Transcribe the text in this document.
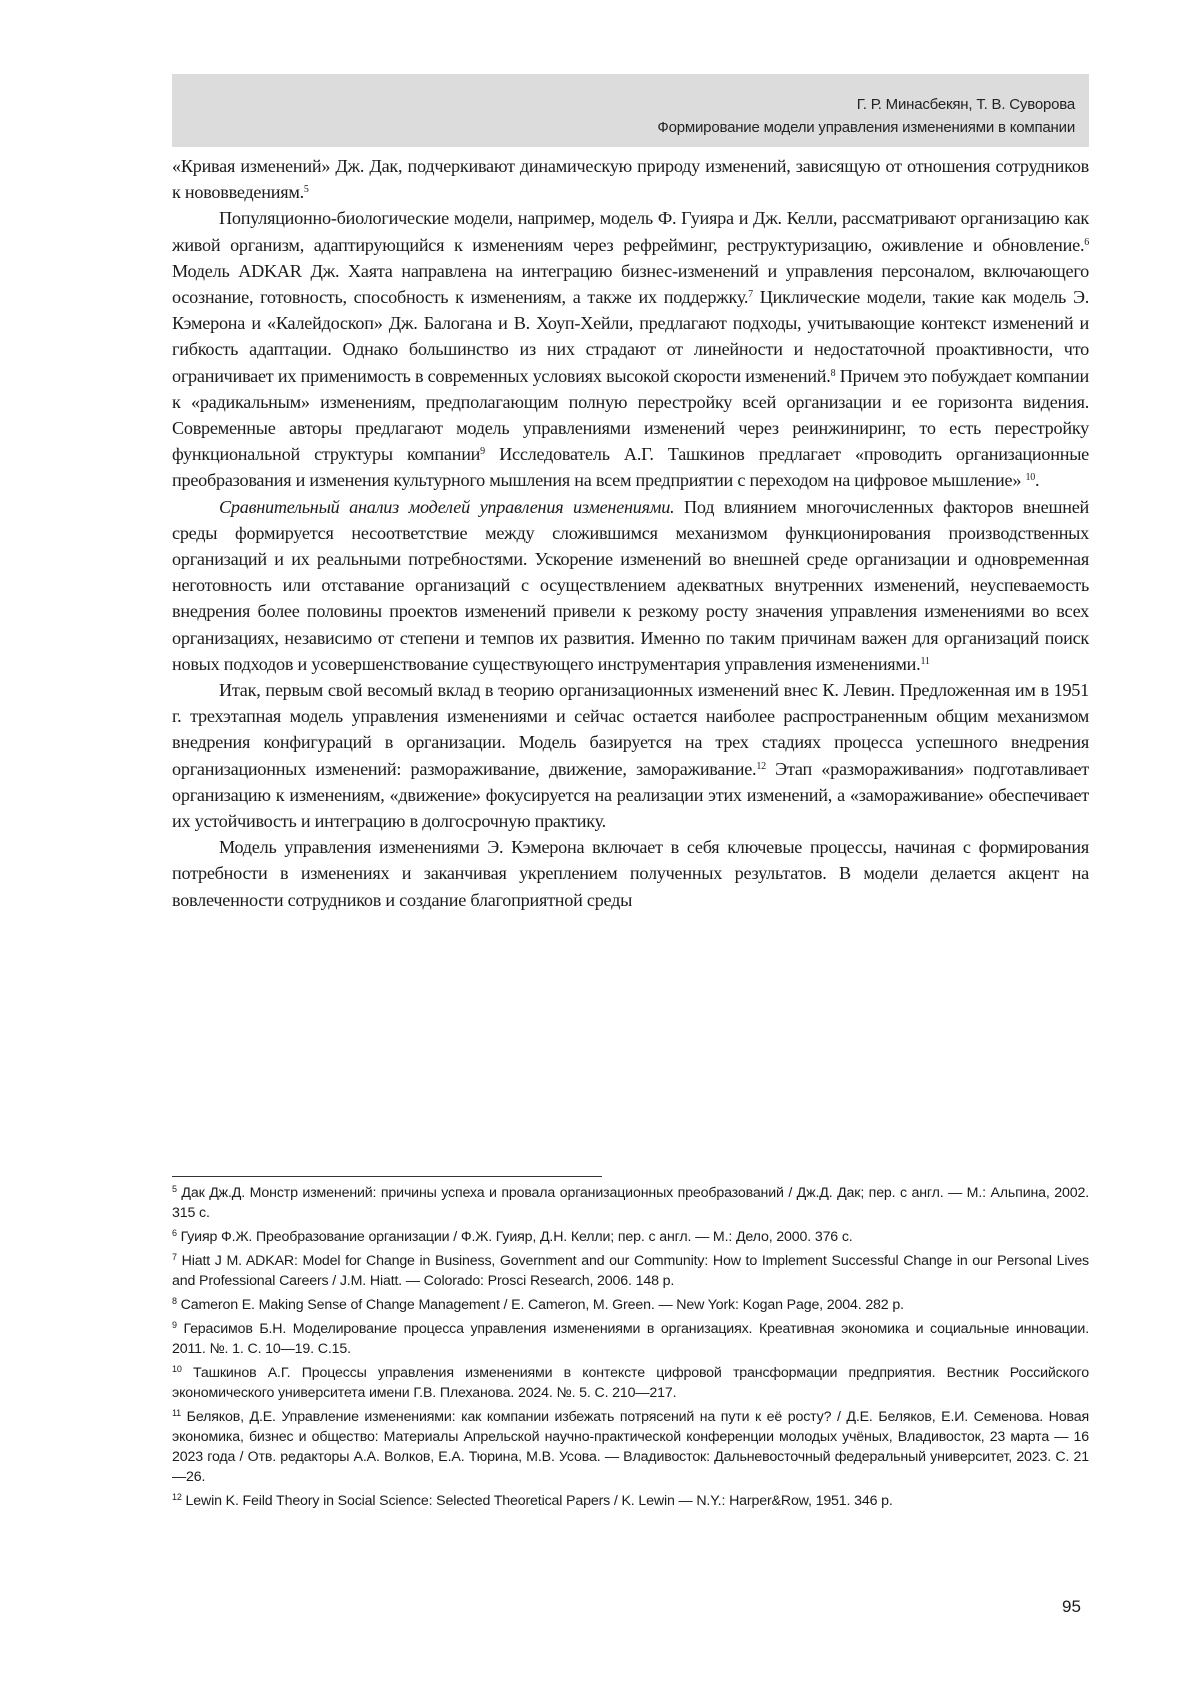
Г. Р. Минасбекян, Т. В. Суворова
Формирование модели управления изменениями в компании

«Кривая изменений» Дж. Дак, подчеркивают динамическую природу изменений, зависящую от отношения сотрудников к нововведениям.5

Популяционно-биологические модели, например, модель Ф. Гуияра и Дж. Келли, рассматривают организацию как живой организм, адаптирующийся к изменениям через рефрейминг, реструктуризацию, оживление и обновление.6 Модель ADKAR Дж. Хаята направлена на интеграцию бизнес-изменений и управления персоналом, включающего осознание, готовность, способность к изменениям, а также их поддержку.7 Циклические модели, такие как модель Э. Кэмерона и «Калейдоскоп» Дж. Балогана и В. Хоуп-Хейли, предлагают подходы, учитывающие контекст изменений и гибкость адаптации. Однако большинство из них страдают от линейности и недостаточной проактивности, что ограничивает их применимость в современных условиях высокой скорости изменений.8 Причем это побуждает компании к «радикальным» изменениям, предполагающим полную перестройку всей организации и ее горизонта видения. Современные авторы предлагают модель управлениями изменений через реинжиниринг, то есть перестройку функциональной структуры компании9 Исследователь А.Г. Ташкинов предлагает «проводить организационные преобразования и изменения культурного мышления на всем предприятии с переходом на цифровое мышление» 10.

Сравнительный анализ моделей управления изменениями. Под влиянием многочисленных факторов внешней среды формируется несоответствие между сложившимся механизмом функционирования производственных организаций и их реальными потребностями. Ускорение изменений во внешней среде организации и одновременная неготовность или отставание организаций с осуществлением адекватных внутренних изменений, неуспеваемость внедрения более половины проектов изменений привели к резкому росту значения управления изменениями во всех организациях, независимо от степени и темпов их развития. Именно по таким причинам важен для организаций поиск новых подходов и усовершенствование существующего инструментария управления изменениями.11

Итак, первым свой весомый вклад в теорию организационных изменений внес К. Левин. Предложенная им в 1951 г. трехэтапная модель управления изменениями и сейчас остается наиболее распространенным общим механизмом внедрения конфигураций в организации. Модель базируется на трех стадиях процесса успешного внедрения организационных изменений: размораживание, движение, замораживание.12 Этап «размораживания» подготавливает организацию к изменениям, «движение» фокусируется на реализации этих изменений, а «замораживание» обеспечивает их устойчивость и интеграцию в долгосрочную практику.

Модель управления изменениями Э. Кэмерона включает в себя ключевые процессы, начиная с формирования потребности в изменениях и заканчивая укреплением полученных результатов. В модели делается акцент на вовлеченности сотрудников и создание благоприятной среды

5 Дак Дж.Д. Монстр изменений: причины успеха и провала организационных преобразований / Дж.Д. Дак; пер. с англ. — М.: Альпина, 2002. 315 с.

6 Гуияр Ф.Ж. Преобразование организации / Ф.Ж. Гуияр, Д.Н. Келли; пер. с англ. — М.: Дело, 2000. 376 с.

7 Hiatt J M. ADKAR: Model for Change in Business, Government and our Community: How to Implement Successful Change in our Personal Lives and Professional Careers / J.M. Hiatt. — Colorado: Prosci Research, 2006. 148 p.

8 Cameron E. Making Sense of Change Management / E. Cameron, M. Green. — New York: Kogan Page, 2004. 282 p.

9 Герасимов Б.Н. Моделирование процесса управления изменениями в организациях. Креативная экономика и социальные инновации. 2011. №. 1. С. 10—19. С.15.

10 Ташкинов А.Г. Процессы управления изменениями в контексте цифровой трансформации предприятия. Вестник Российского экономического университета имени Г.В. Плеханова. 2024. №. 5. С. 210—217.

11 Беляков, Д.Е. Управление изменениями: как компании избежать потрясений на пути к её росту? / Д.Е. Беляков, Е.И. Семенова. Новая экономика, бизнес и общество: Материалы Апрельской научно-практической конференции молодых учёных, Владивосток, 23 марта — 16 2023 года / Отв. редакторы А.А. Волков, Е.А. Тюрина, М.В. Усова. — Владивосток: Дальневосточный федеральный университет, 2023. С. 21—26.

12 Lewin K. Feild Theory in Social Science: Selected Theoretical Papers / K. Lewin — N.Y.: Harper&Row, 1951. 346 p.

95
